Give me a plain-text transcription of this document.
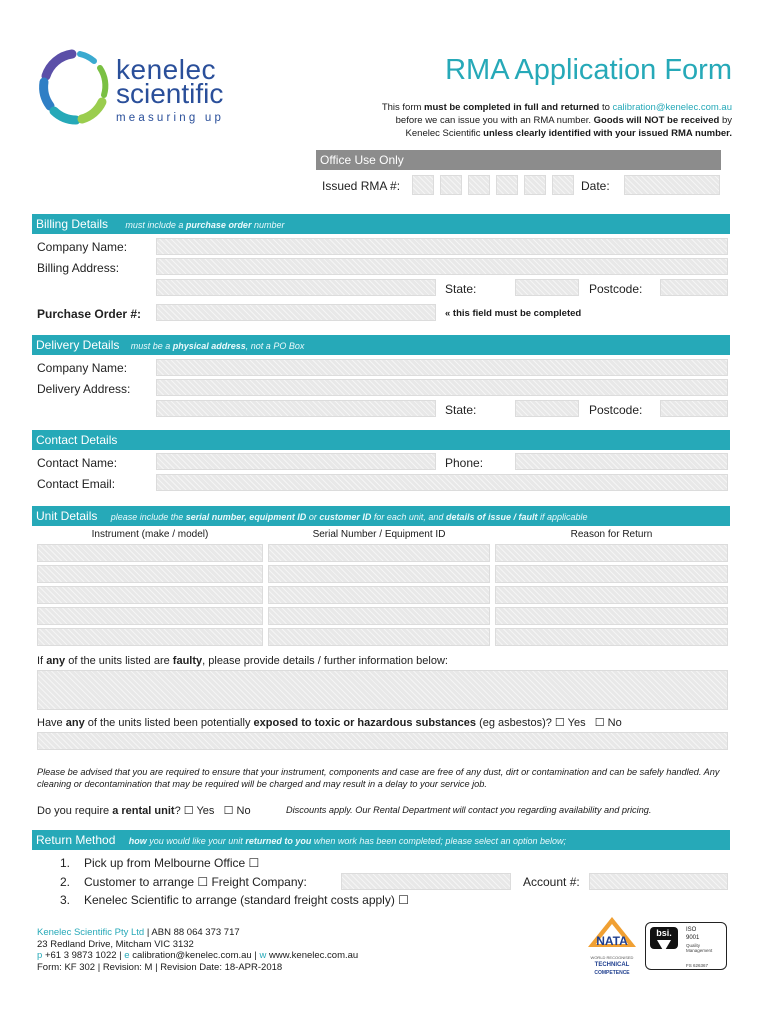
kenelec
scientific
measuring up
RMA Application Form
This form must be completed in full and returned to calibration@kenelec.com.au
before we can issue you with an RMA number. Goods will NOT be received by
Kenelec Scientific unless clearly identified with your issued RMA number.
Office Use Only
Issued RMA #:	Date:
Billing Details must include a purchase order number
Company Name:
Billing Address:
State:	Postcode:
Purchase Order #:	« this field must be completed
Delivery Details must be a physical address, not a PO Box
Company Name:
Delivery Address:
State:	Postcode:
Contact Details
Contact Name:	Phone:
Contact Email:
Unit Details please include the serial number, equipment ID or customer ID for each unit, and details of issue / fault if applicable
Instrument (make / model)	Serial Number / Equipment ID	Reason for Return
If any of the units listed are faulty, please provide details / further information below:
Have any of the units listed been potentially exposed to toxic or hazardous substances (eg asbestos)? ☐ Yes ☐ No
Please be advised that you are required to ensure that your instrument, components and case are free of any dust, dirt or contamination and can be safely handled. Any cleaning or decontamination that may be required will be charged and may result in a delay to your service job.
Do you require a rental unit? ☐ Yes ☐ No	Discounts apply. Our Rental Department will contact you regarding availability and pricing.
Return Method how you would like your unit returned to you when work has been completed; please select an option below;
1. Pick up from Melbourne Office ☐
2. Customer to arrange ☐ Freight Company:	Account #:
3. Kenelec Scientific to arrange (standard freight costs apply) ☐
Kenelec Scientific Pty Ltd | ABN 88 064 373 717
23 Redland Drive, Mitcham VIC 3132
p +61 3 9873 1022 | e calibration@kenelec.com.au | w www.kenelec.com.au
Form: KF 302 | Revision: M | Revision Date: 18-APR-2018
NATA
WORLD RECOGNISED
TECHNICAL
COMPETENCE
bsi.	ISO
9001
Quality Management
FS 626367
